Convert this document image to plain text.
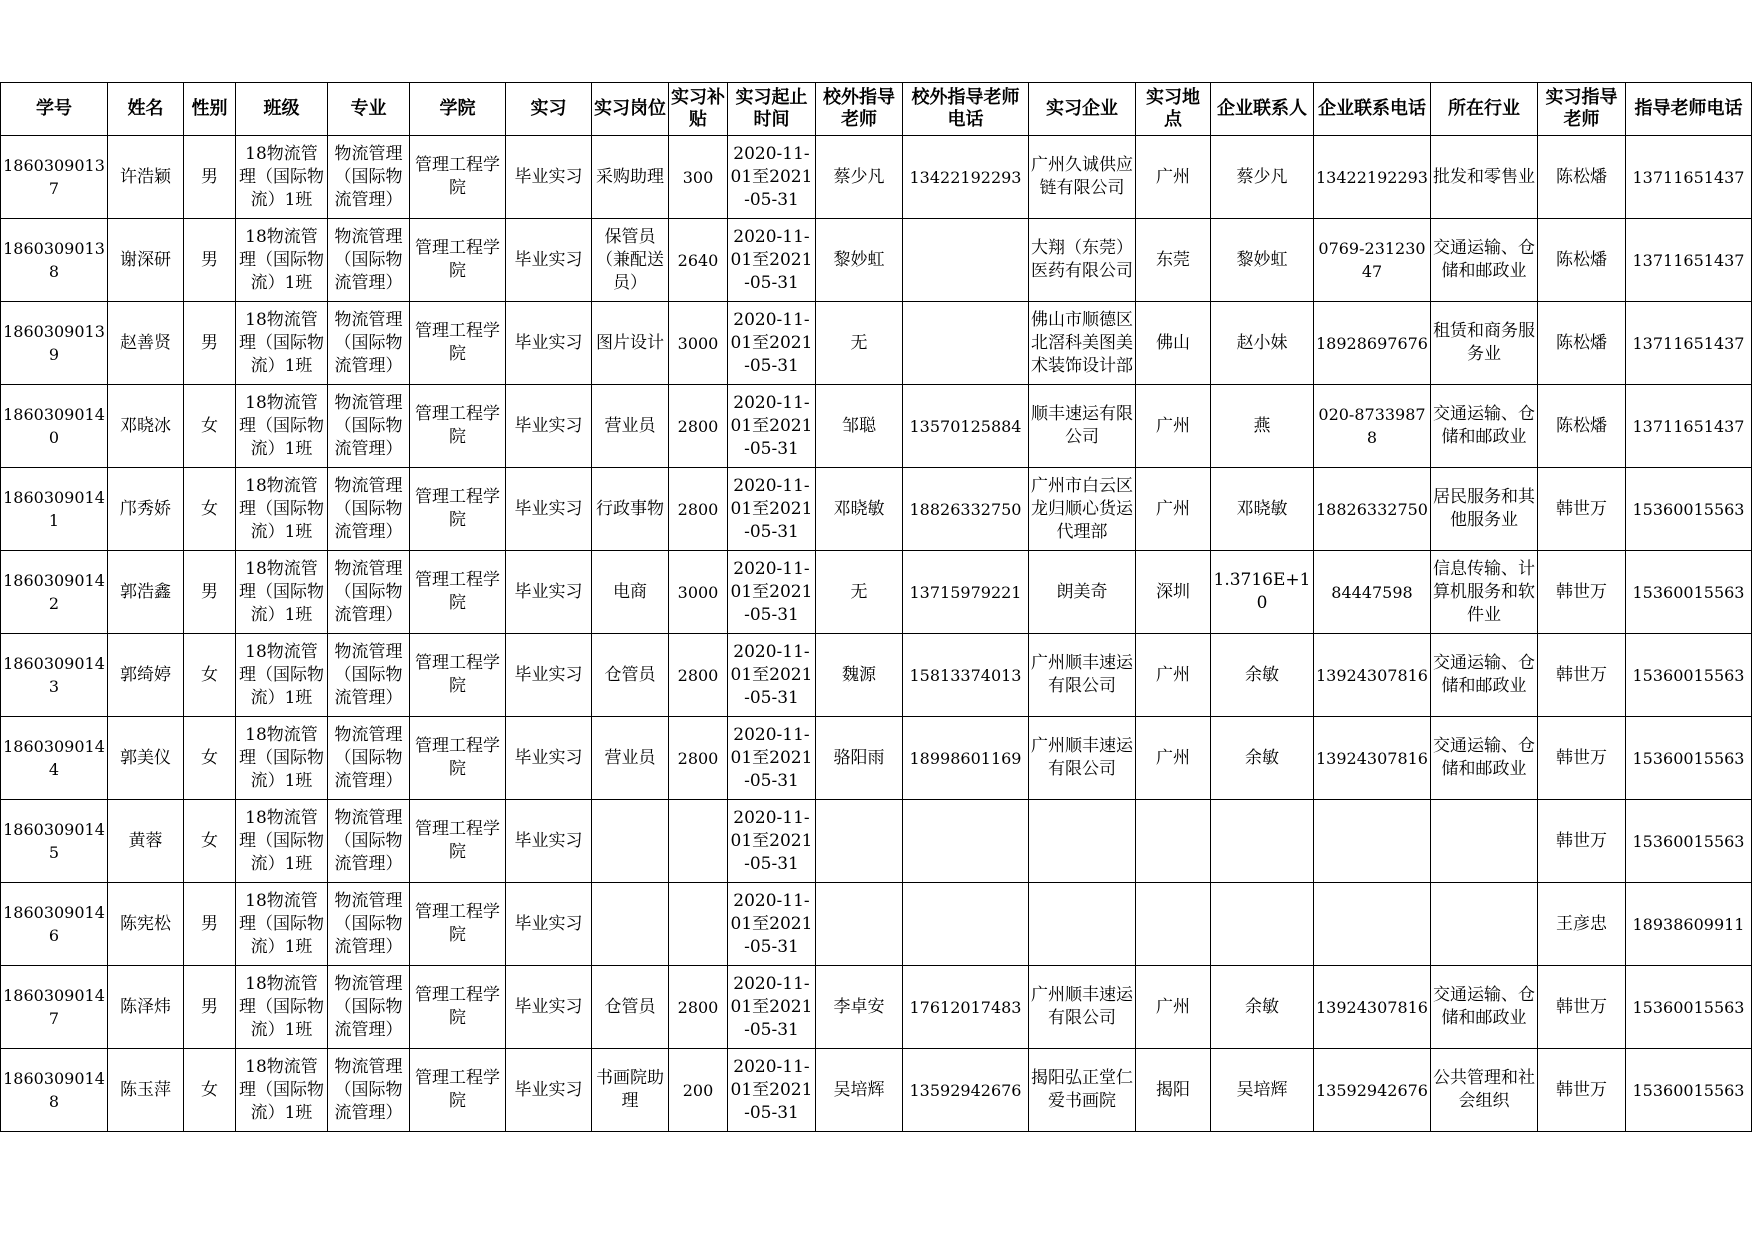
学号	姓名	性别	班级	专业	学院	实习	实习岗位	实习补贴	实习起止时间	校外指导老师	校外指导老师电话	实习企业	实习地点	企业联系人	企业联系电话	所在行业	实习指导老师	指导老师电话

18603090137	许浩颖	男	18物流管理（国际物流）1班	物流管理（国际物流管理）	管理工程学院	毕业实习	采购助理	300	2020-11-01至2021-05-31	蔡少凡	13422192293	广州久诚供应链有限公司	广州	蔡少凡	13422192293	批发和零售业	陈松燔	13711651437

18603090138	谢深研	男	18物流管理（国际物流）1班	物流管理（国际物流管理）	管理工程学院	毕业实习	保管员（兼配送员）	2640	2020-11-01至2021-05-31	黎妙虹		大翔（东莞）医药有限公司	东莞	黎妙虹	0769-23123047	交通运输、仓储和邮政业	陈松燔	13711651437

18603090139	赵善贤	男	18物流管理（国际物流）1班	物流管理（国际物流管理）	管理工程学院	毕业实习	图片设计	3000	2020-11-01至2021-05-31	无		佛山市顺德区北滘科美图美术装饰设计部	佛山	赵小妹	18928697676	租赁和商务服务业	陈松燔	13711651437

18603090140	邓晓冰	女	18物流管理（国际物流）1班	物流管理（国际物流管理）	管理工程学院	毕业实习	营业员	2800	2020-11-01至2021-05-31	邹聪	13570125884	顺丰速运有限公司	广州	燕	020-87339878	交通运输、仓储和邮政业	陈松燔	13711651437

18603090141	邝秀娇	女	18物流管理（国际物流）1班	物流管理（国际物流管理）	管理工程学院	毕业实习	行政事物	2800	2020-11-01至2021-05-31	邓晓敏	18826332750	广州市白云区龙归顺心货运代理部	广州	邓晓敏	18826332750	居民服务和其他服务业	韩世万	15360015563

18603090142	郭浩鑫	男	18物流管理（国际物流）1班	物流管理（国际物流管理）	管理工程学院	毕业实习	电商	3000	2020-11-01至2021-05-31	无	13715979221	朗美奇	深圳	1.3716E+10	84447598	信息传输、计算机服务和软件业	韩世万	15360015563

18603090143	郭绮婷	女	18物流管理（国际物流）1班	物流管理（国际物流管理）	管理工程学院	毕业实习	仓管员	2800	2020-11-01至2021-05-31	魏源	15813374013	广州顺丰速运有限公司	广州	余敏	13924307816	交通运输、仓储和邮政业	韩世万	15360015563

18603090144	郭美仪	女	18物流管理（国际物流）1班	物流管理（国际物流管理）	管理工程学院	毕业实习	营业员	2800	2020-11-01至2021-05-31	骆阳雨	18998601169	广州顺丰速运有限公司	广州	余敏	13924307816	交通运输、仓储和邮政业	韩世万	15360015563

18603090145	黄蓉	女	18物流管理（国际物流）1班	物流管理（国际物流管理）	管理工程学院	毕业实习			2020-11-01至2021-05-31								韩世万	15360015563

18603090146	陈宪松	男	18物流管理（国际物流）1班	物流管理（国际物流管理）	管理工程学院	毕业实习			2020-11-01至2021-05-31								王彦忠	18938609911

18603090147	陈泽炜	男	18物流管理（国际物流）1班	物流管理（国际物流管理）	管理工程学院	毕业实习	仓管员	2800	2020-11-01至2021-05-31	李卓安	17612017483	广州顺丰速运有限公司	广州	余敏	13924307816	交通运输、仓储和邮政业	韩世万	15360015563

18603090148	陈玉萍	女	18物流管理（国际物流）1班	物流管理（国际物流管理）	管理工程学院	毕业实习	书画院助理	200	2020-11-01至2021-05-31	吴培辉	13592942676	揭阳弘正堂仁爱书画院	揭阳	吴培辉	13592942676	公共管理和社会组织	韩世万	15360015563
